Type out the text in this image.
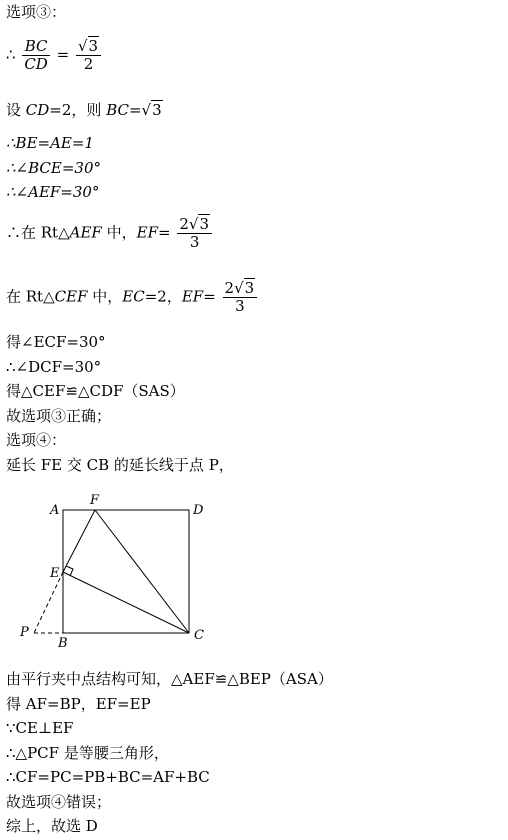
选项③：
∴ $\frac{BC}{CD} = \frac{√3}{2}$
设 CD=2，则 BC=√3
∴BE=AE=1
∴∠BCE=30°
∴∠AEF=30°
∴在 Rt△AEF 中，$EF= \frac{2√3}{3}$
在 Rt△CEF 中，EC=2，$EF= \frac{2√3}{3}$
得∠ECF=30°
∴∠DCF=30°
得△CEF≌△CDF（SAS）
故选项③正确；
选项④：
延长 FE 交 CB 的延长线于点 P，
A
F
D
E
P
B
C
由平行夹中点结构可知，△AEF≌△BEP（ASA）
得 AF=BP，EF=EP
∵CE⊥EF
∴△PCF 是等腰三角形，
∴CF=PC=PB+BC=AF+BC
故选项④错误；
综上，故选 D
